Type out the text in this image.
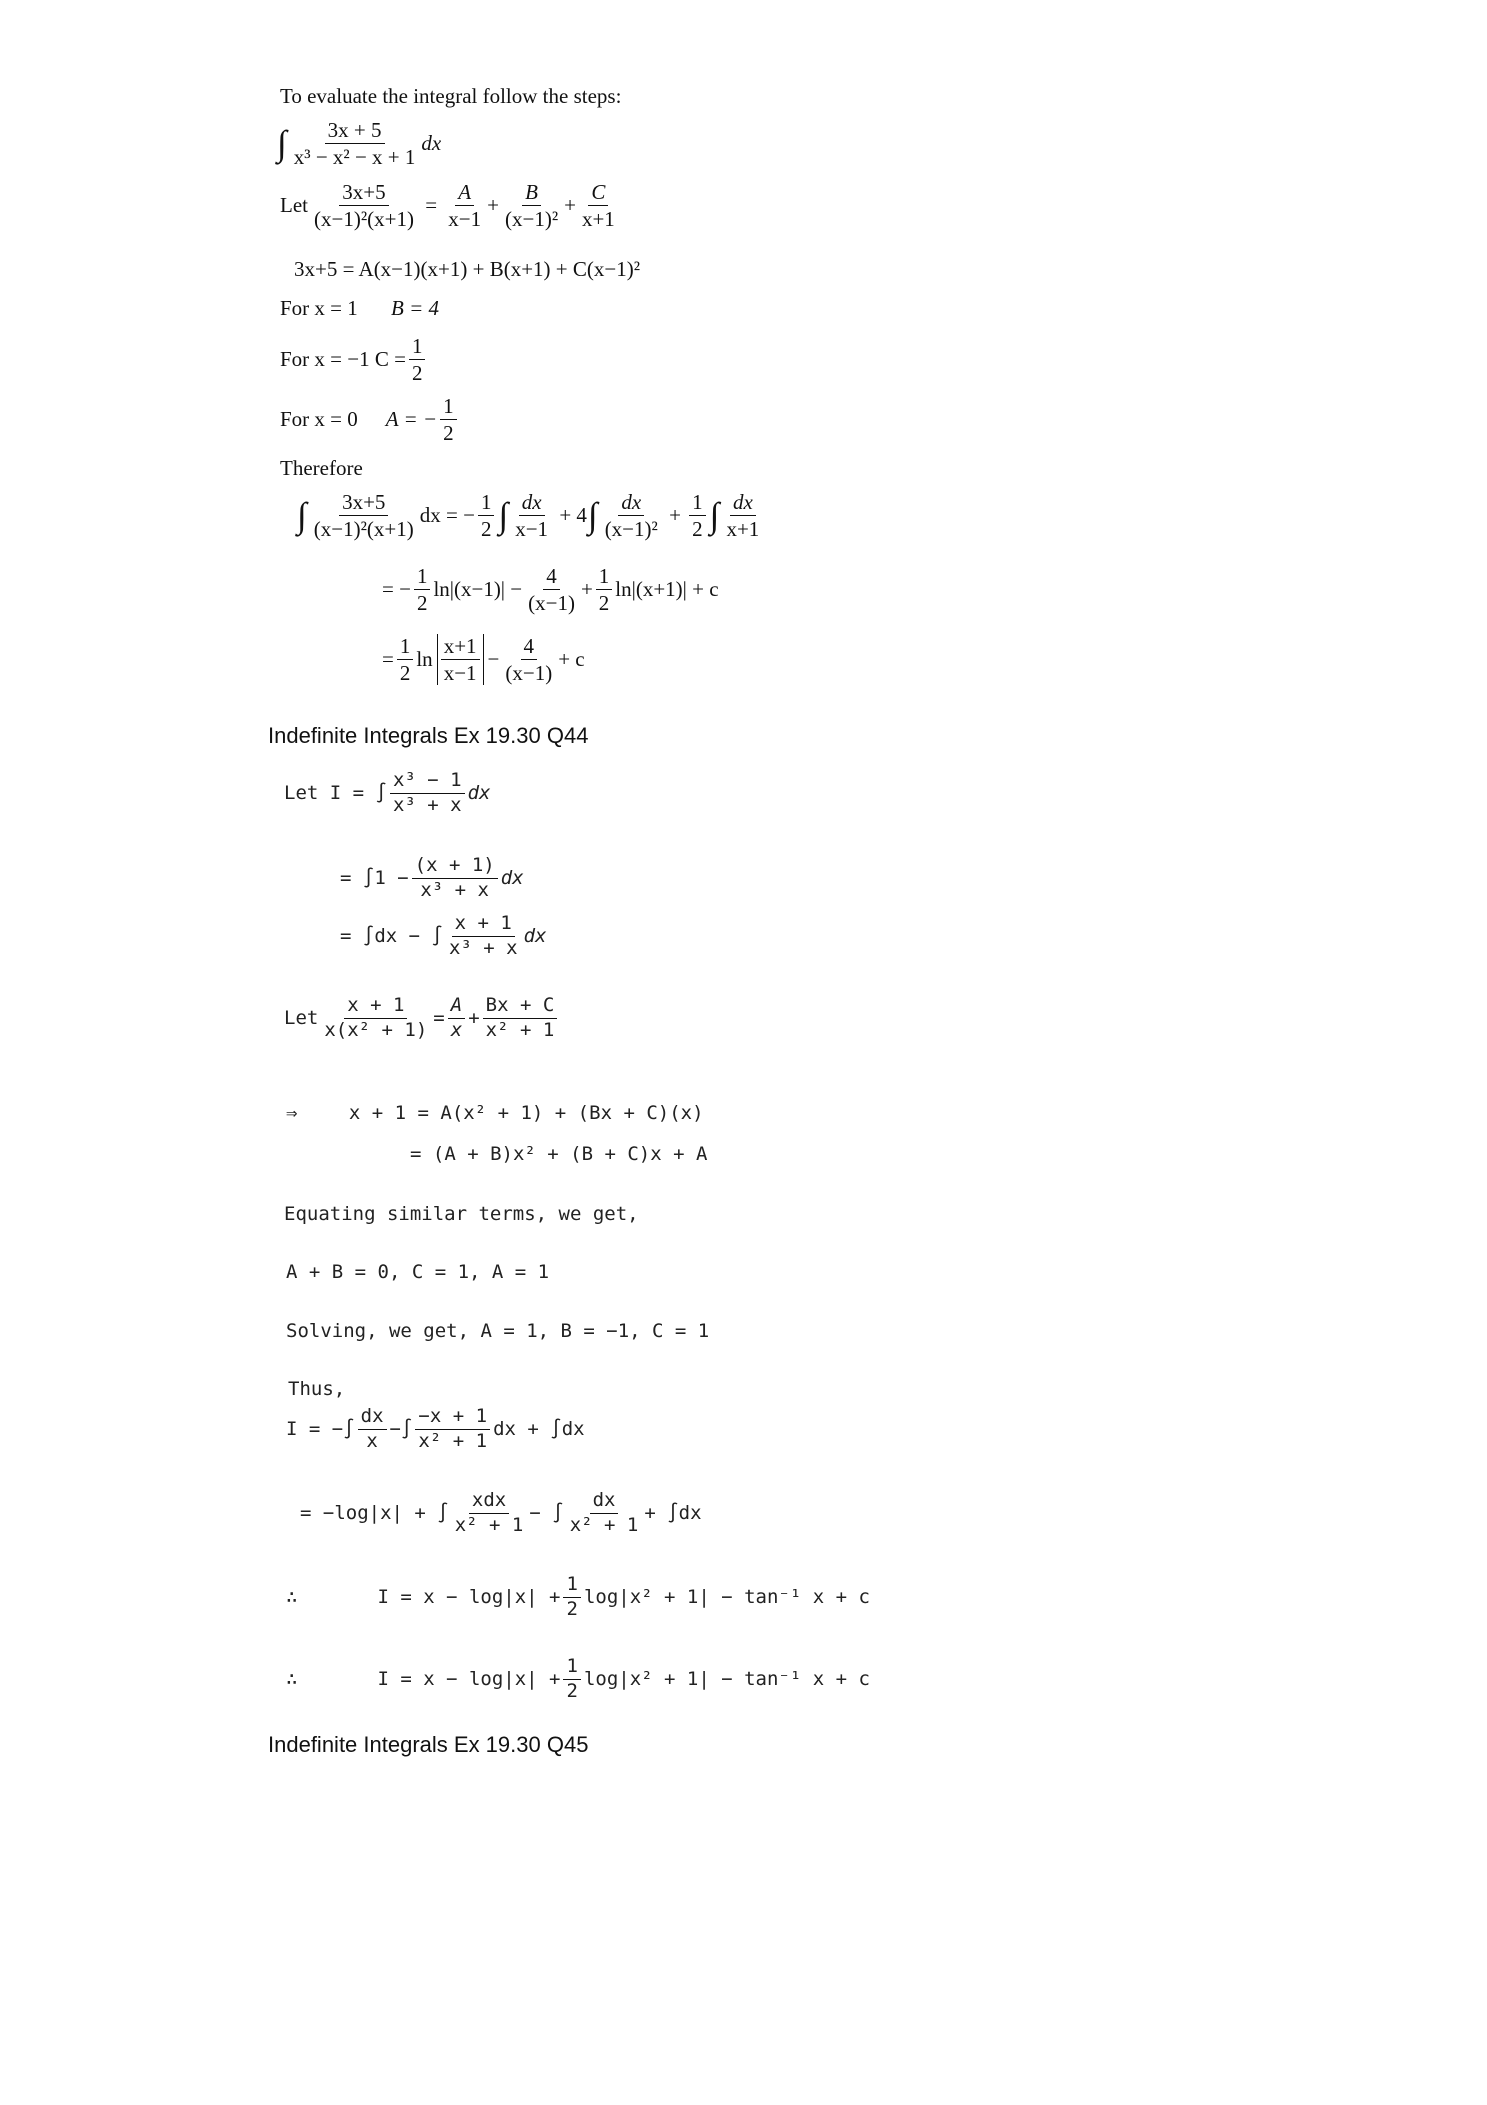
To evaluate the integral follow the steps:
∫ $\frac{3x + 5}{\text{x³ − x² − x + 1}}$ dx
Let $\frac{3x+5}{\text{(x−1)²(x+1)}} = \frac{A}{x-1} + \frac{B}{\text{(x−1)²}} + \frac{C}{x+1}$
3x+5 = A(x−1)(x+1) + B(x+1) + C(x−1)²
For x = 1 B = 4
For x = −1 $C = \frac{1}{2}$
For x = 0 A = − $\frac{1}{2}$
Therefore
∫ $\frac{3x+5}{\text{(x−1)²(x+1)}}$ dx = − $\frac{1}{2}$ ∫ $\frac{dx}{x-1} + 4$ ∫ $\frac{dx}{\text{(x−1)²}} + \frac{1}{2}$ ∫ $\frac{dx}{x+1}$
= − $\frac{1}{2} \ln|(x-1)| - \frac{4}{(x-1)} + \frac{1}{2} \ln|(x+1)| + c$
= $\frac{1}{2}$ $\ln \frac{x+1}{x-1} - \frac{4}{(x-1)} + c$
Indefinite Integrals Ex 19.30 Q44
Let I = ∫ $\frac{\text{x³ − 1}}{\text{x³ + x}}$ dx
= $\int 1 - \frac{(x + 1)}{\text{x³ + x}}$ dx
= ∫dx − ∫ $\frac{x + 1}{\text{x³ + x}}$ dx
Let $\frac{x + 1}{\text{x(x² + 1)}} = \frac{A}{x} + \frac{Bx + C}{\text{x² + 1}}$
⇒	x + 1 = A(x² + 1) + (Bx + C)(x)
= (A + B)x² + (B + C)x + A
Equating similar terms, we get,
A + B = 0, C = 1, A = 1
Solving, we get, A = 1, B = −1, C = 1
Thus,
I = −∫ $\frac{dx}{x}$ −∫ $\frac{-x + 1}{\text{x² + 1}}$ dx + ∫dx
= −log|x| + ∫ $\frac{\text{xdx}}{\text{x² + 1}}$ − ∫ $\frac{dx}{\text{x² + 1}} + \int dx$
∴	$I = x - \log|x| + \frac{1}{2} \log|x^2 + 1| - \tan^{-1}$ x + c
∴	$I = x - \log|x| + \frac{1}{2} \log|x^2 + 1| - \tan^{-1}$ x + c
Indefinite Integrals Ex 19.30 Q45
